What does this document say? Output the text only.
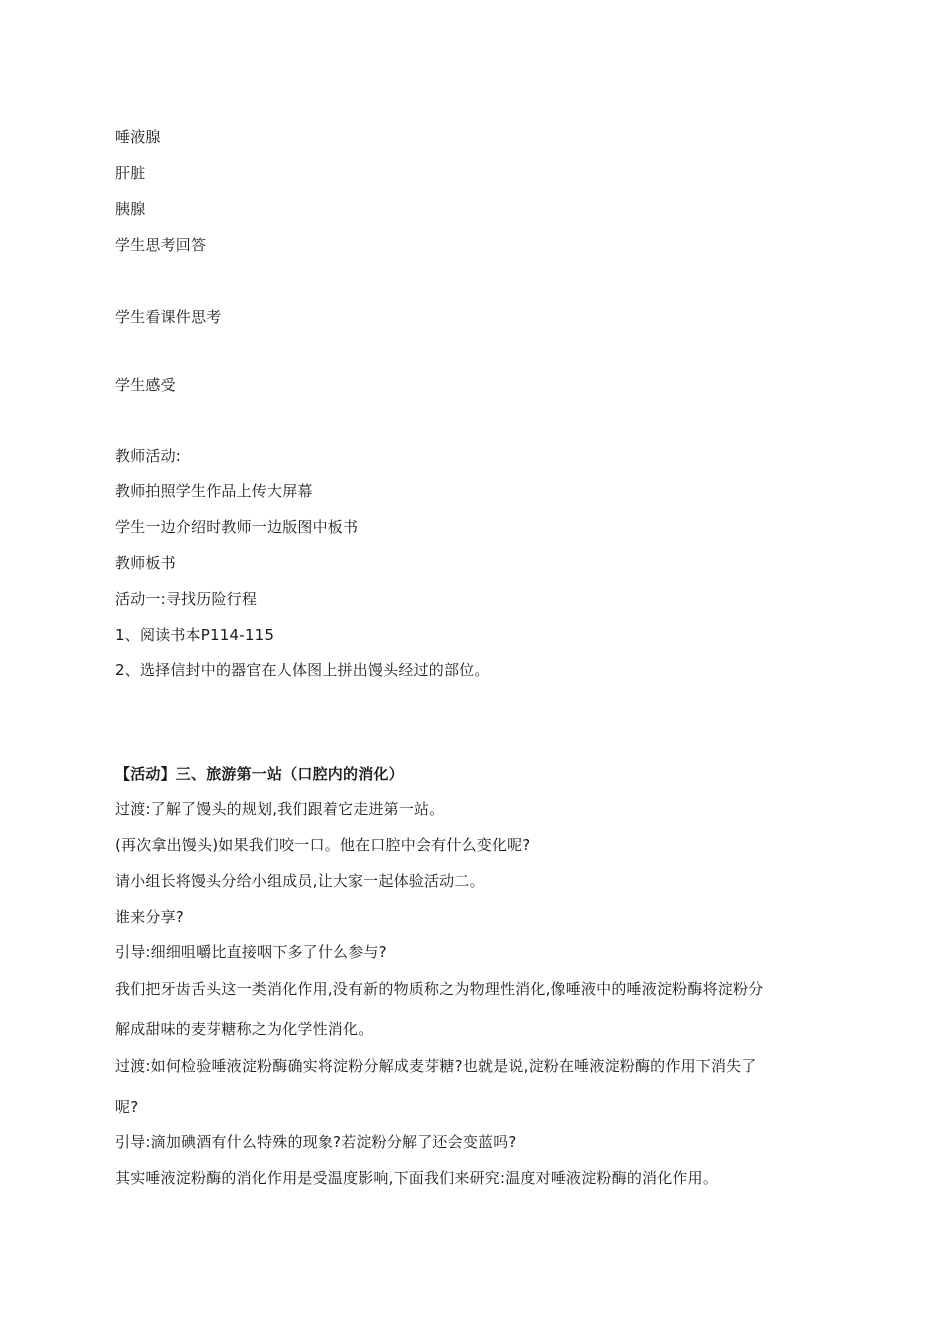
唾液腺
肝脏
胰腺
学生思考回答
学生看课件思考
学生感受
教师活动:
教师拍照学生作品上传大屏幕
学生一边介绍时教师一边版图中板书
教师板书
活动一:寻找历险行程
1、阅读书本P114-115
2、选择信封中的器官在人体图上拼出馒头经过的部位。
【活动】三、旅游第一站（口腔内的消化）
过渡:了解了馒头的规划,我们跟着它走进第一站。
(再次拿出馒头)如果我们咬一口。他在口腔中会有什么变化呢?
请小组长将馒头分给小组成员,让大家一起体验活动二。
谁来分享?
引导:细细咀嚼比直接咽下多了什么参与?
我们把牙齿舌头这一类消化作用,没有新的物质称之为物理性消化,像唾液中的唾液淀粉酶将淀粉分
解成甜味的麦芽糖称之为化学性消化。
过渡:如何检验唾液淀粉酶确实将淀粉分解成麦芽糖?也就是说,淀粉在唾液淀粉酶的作用下消失了
呢?
引导:滴加碘酒有什么特殊的现象?若淀粉分解了还会变蓝吗?
其实唾液淀粉酶的消化作用是受温度影响,下面我们来研究:温度对唾液淀粉酶的消化作用。
